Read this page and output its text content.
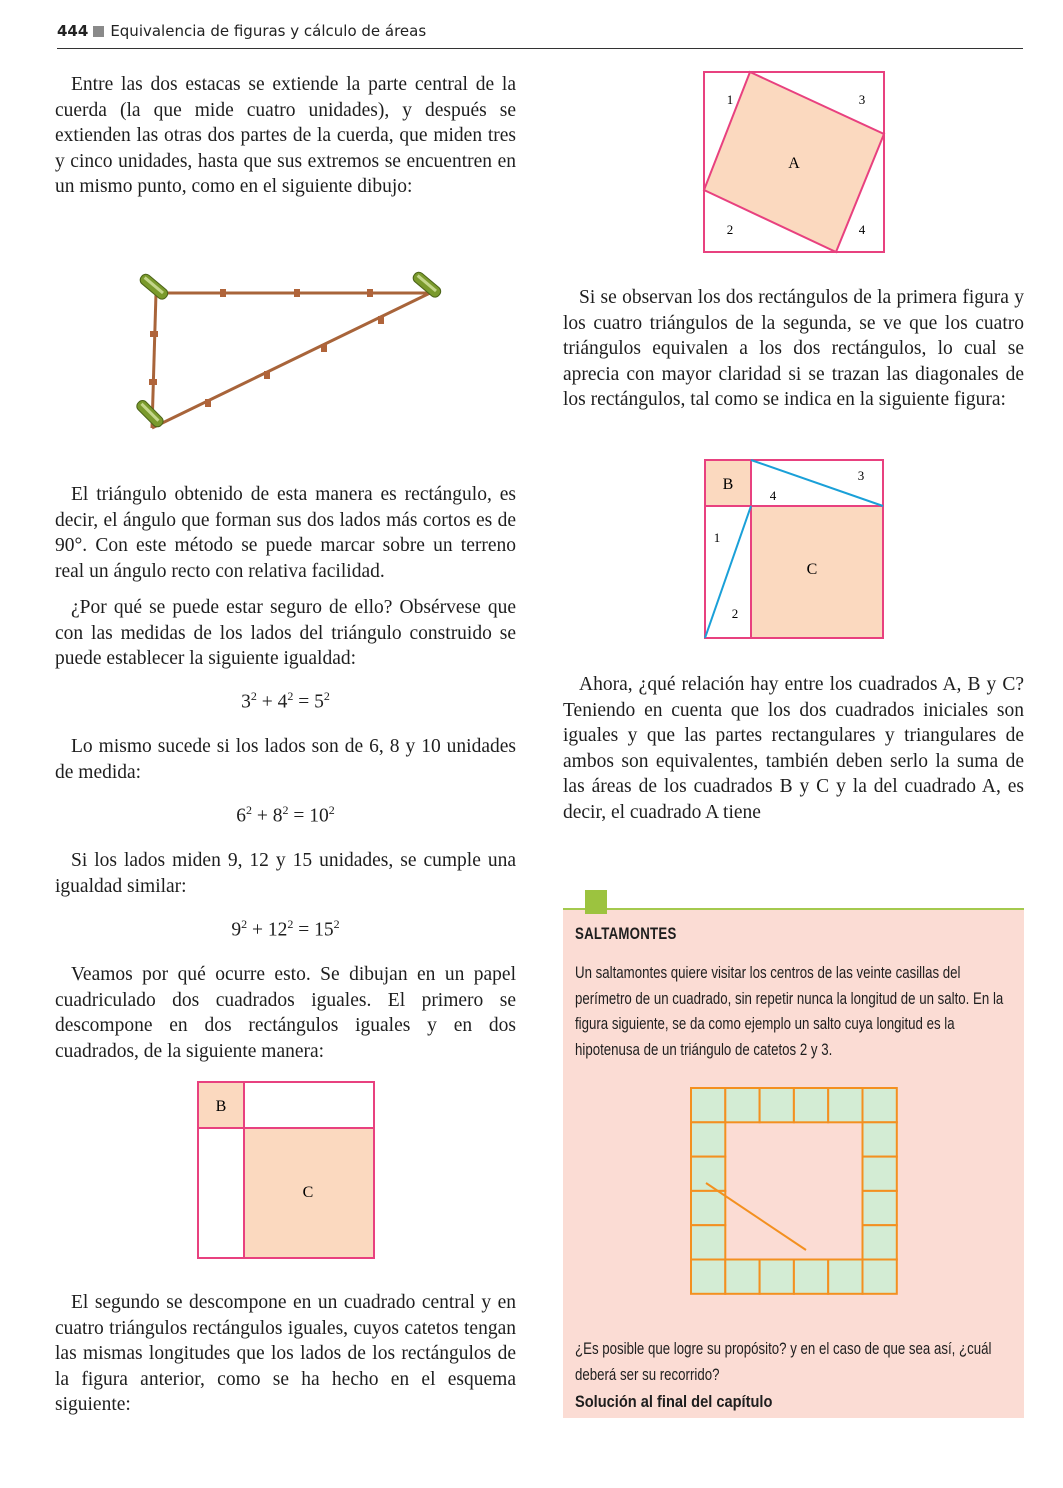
444 Equivalencia de figuras y cálculo de áreas

Entre las dos estacas se extiende la parte central de la cuerda (la que mide cuatro unidades), y después se extienden las otras dos partes de la cuerda, que miden tres y cinco unidades, hasta que sus extremos se encuentren en un mismo punto, como en el siguiente dibujo:

El triángulo obtenido de esta manera es rectángulo, es decir, el ángulo que forman sus dos lados más cortos es de 90°. Con este método se puede marcar sobre un terreno real un ángulo recto con relativa facilidad.

¿Por qué se puede estar seguro de ello? Obsérvese que con las medidas de los lados del triángulo construido se puede establecer la siguiente igualdad:

$3^2 + 4^2 = 5^2$

Lo mismo sucede si los lados son de 6, 8 y 10 unidades de medida:

$6^2 + 8^2 = 10^2$

Si los lados miden 9, 12 y 15 unidades, se cumple una igualdad similar:

$9^2 + 12^2 = 15^2$

Veamos por qué ocurre esto. Se dibujan en un papel cuadriculado dos cuadrados iguales. El primero se descompone en dos rectángulos iguales y en dos cuadrados, de la siguiente manera:

B
C

El segundo se descompone en un cuadrado central y en cuatro triángulos rectángulos iguales, cuyos catetos tengan las mismas longitudes que los lados de los rectángulos de la figura anterior, como se ha hecho en el esquema siguiente:

A
1	3
2	4

Si se observan los dos rectángulos de la primera figura y los cuatro triángulos de la segunda, se ve que los cuatro triángulos equivalen a los dos rectángulos, lo cual se aprecia con mayor claridad si se trazan las diagonales de los rectángulos, tal como se indica en la siguiente figura:

B
C
1
2
3
4

Ahora, ¿qué relación hay entre los cuadrados A, B y C? Teniendo en cuenta que los dos cuadrados iniciales son iguales y que las partes rectangulares y triangulares de ambos son equivalentes, también deben serlo la suma de las áreas de los cuadrados B y C y la del cuadrado A, es decir, el cuadrado A tiene

SALTAMONTES
Un saltamontes quiere visitar los centros de las veinte casillas del perímetro de un cuadrado, sin repetir nunca la longitud de un salto. En la figura siguiente, se da como ejemplo un salto cuya longitud es la hipotenusa de un triángulo de catetos 2 y 3.
¿Es posible que logre su propósito? y en el caso de que sea así, ¿cuál deberá ser su recorrido?
Solución al final del capítulo
